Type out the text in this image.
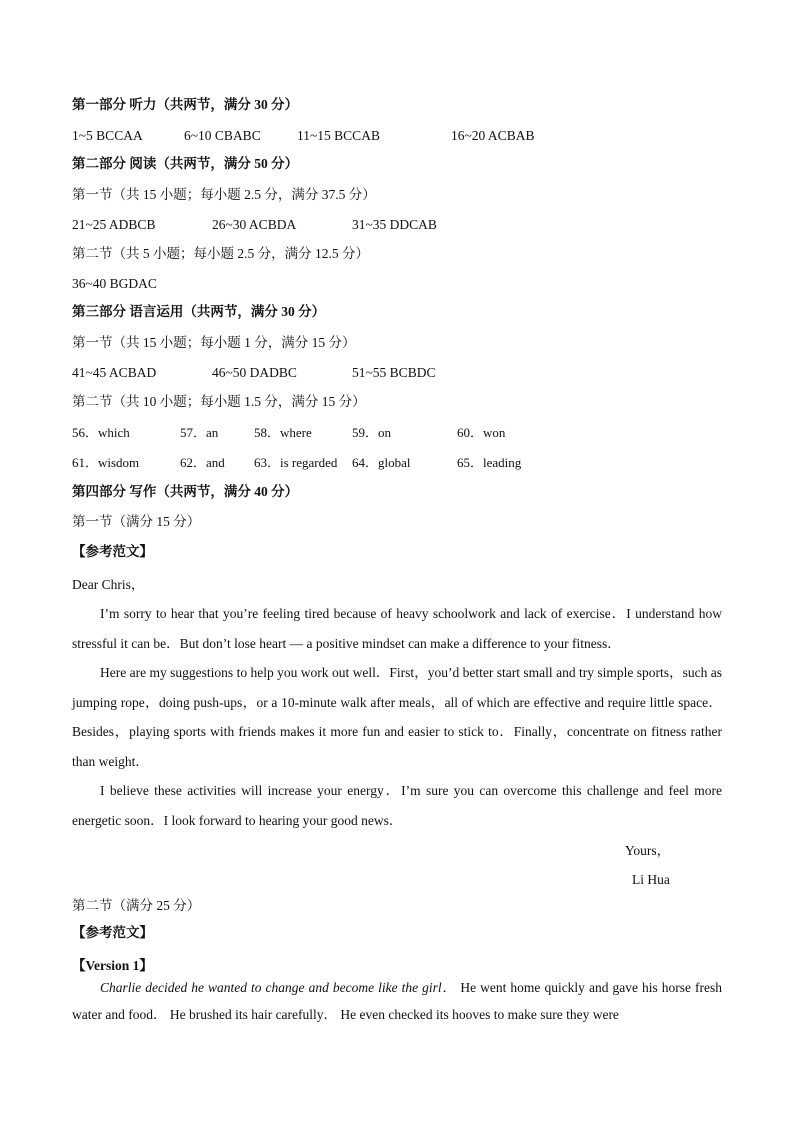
第一部分 听力（共两节，满分 30 分）
1~5 BCCAA	6~10 CBABC	11~15 BCCAB	16~20 ACBAB
第二部分 阅读（共两节，满分 50 分）
第一节（共 15 小题；每小题 2.5 分，满分 37.5 分）
21~25 ADBCB	26~30 ACBDA	31~35 DDCAB
第二节（共 5 小题；每小题 2.5 分，满分 12.5 分）
36~40 BGDAC
第三部分 语言运用（共两节，满分 30 分）
第一节（共 15 小题；每小题 1 分，满分 15 分）
41~45 ACBAD	46~50 DADBC	51~55 BCBDC
第二节（共 10 小题；每小题 1.5 分，满分 15 分）
56．which	57．an	58．where	59．on	60．won
61．wisdom	62．and 63．is regarded 64．global	65．leading
第四部分 写作（共两节，满分 40 分）
第一节（满分 15 分）
【参考范文】
Dear Chris，
I’m sorry to hear that you’re feeling tired because of heavy schoolwork and lack of exercise．I understand how stressful it can be．But don’t lose heart — a positive mindset can make a difference to your fitness．
Here are my suggestions to help you work out well．First，you’d better start small and try simple sports，such as jumping rope，doing push-ups，or a 10-minute walk after meals，all of which are effective and require little space．Besides，playing sports with friends makes it more fun and easier to stick to．Finally，concentrate on fitness rather than weight．
I believe these activities will increase your energy．I’m sure you can overcome this challenge and feel more energetic soon．I look forward to hearing your good news．
Yours，
Li Hua
第二节（满分 25 分）
【参考范文】
【Version 1】
Charlie decided he wanted to change and become like the girl． He went home quickly and gave his horse fresh water and food． He brushed its hair carefully． He even checked its hooves to make sure they were
